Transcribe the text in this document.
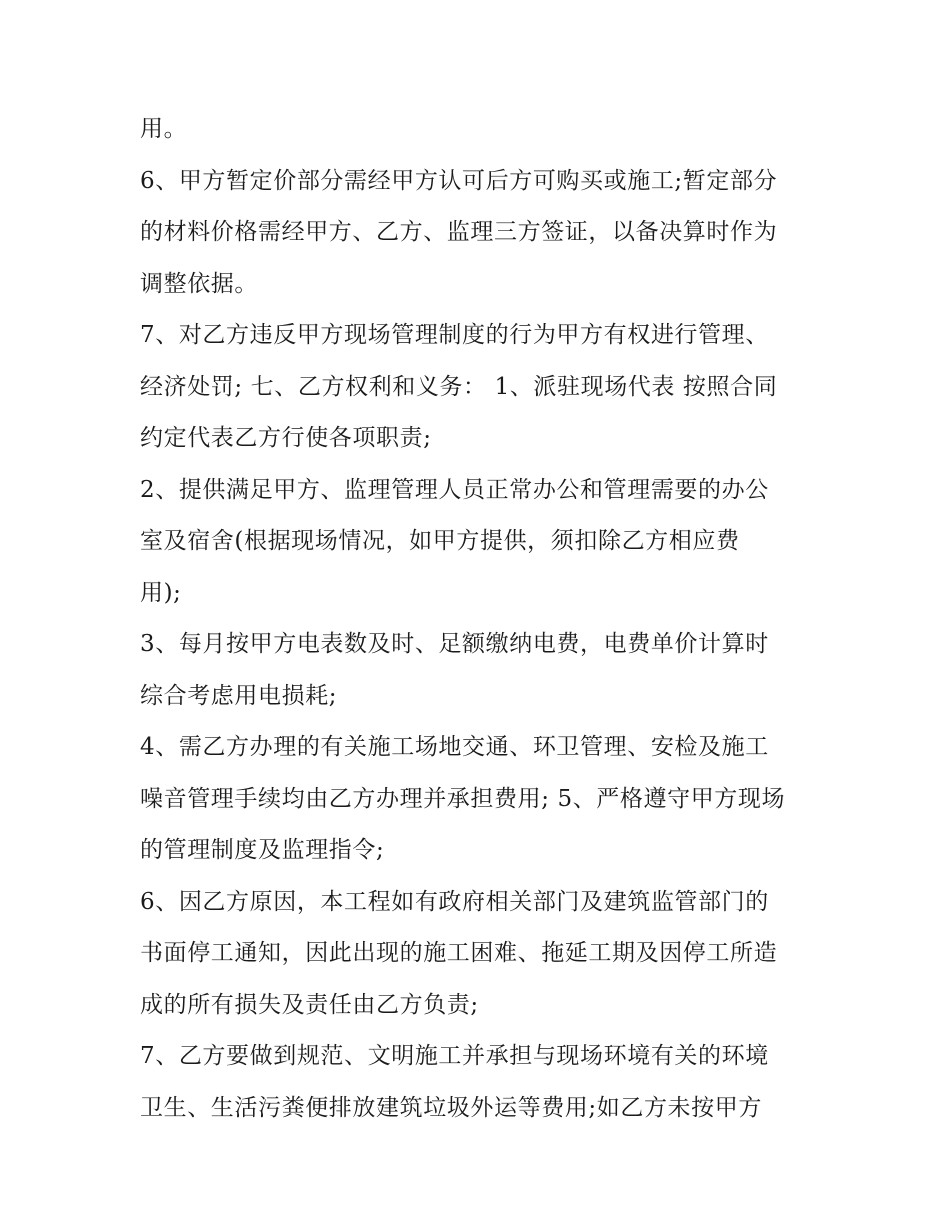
用。
6、甲方暂定价部分需经甲方认可后方可购买或施工;暂定部分
的材料价格需经甲方、乙方、监理三方签证，以备决算时作为
调整依据。
7、对乙方违反甲方现场管理制度的行为甲方有权进行管理、
经济处罚; 七、乙方权利和义务： 1、派驻现场代表 按照合同
约定代表乙方行使各项职责;
2、提供满足甲方、监理管理人员正常办公和管理需要的办公
室及宿舍(根据现场情况，如甲方提供，须扣除乙方相应费
用);
3、每月按甲方电表数及时、足额缴纳电费，电费单价计算时
综合考虑用电损耗;
4、需乙方办理的有关施工场地交通、环卫管理、安检及施工
噪音管理手续均由乙方办理并承担费用; 5、严格遵守甲方现场
的管理制度及监理指令;
6、因乙方原因，本工程如有政府相关部门及建筑监管部门的
书面停工通知，因此出现的施工困难、拖延工期及因停工所造
成的所有损失及责任由乙方负责;
7、乙方要做到规范、文明施工并承担与现场环境有关的环境
卫生、生活污粪便排放建筑垃圾外运等费用;如乙方未按甲方
